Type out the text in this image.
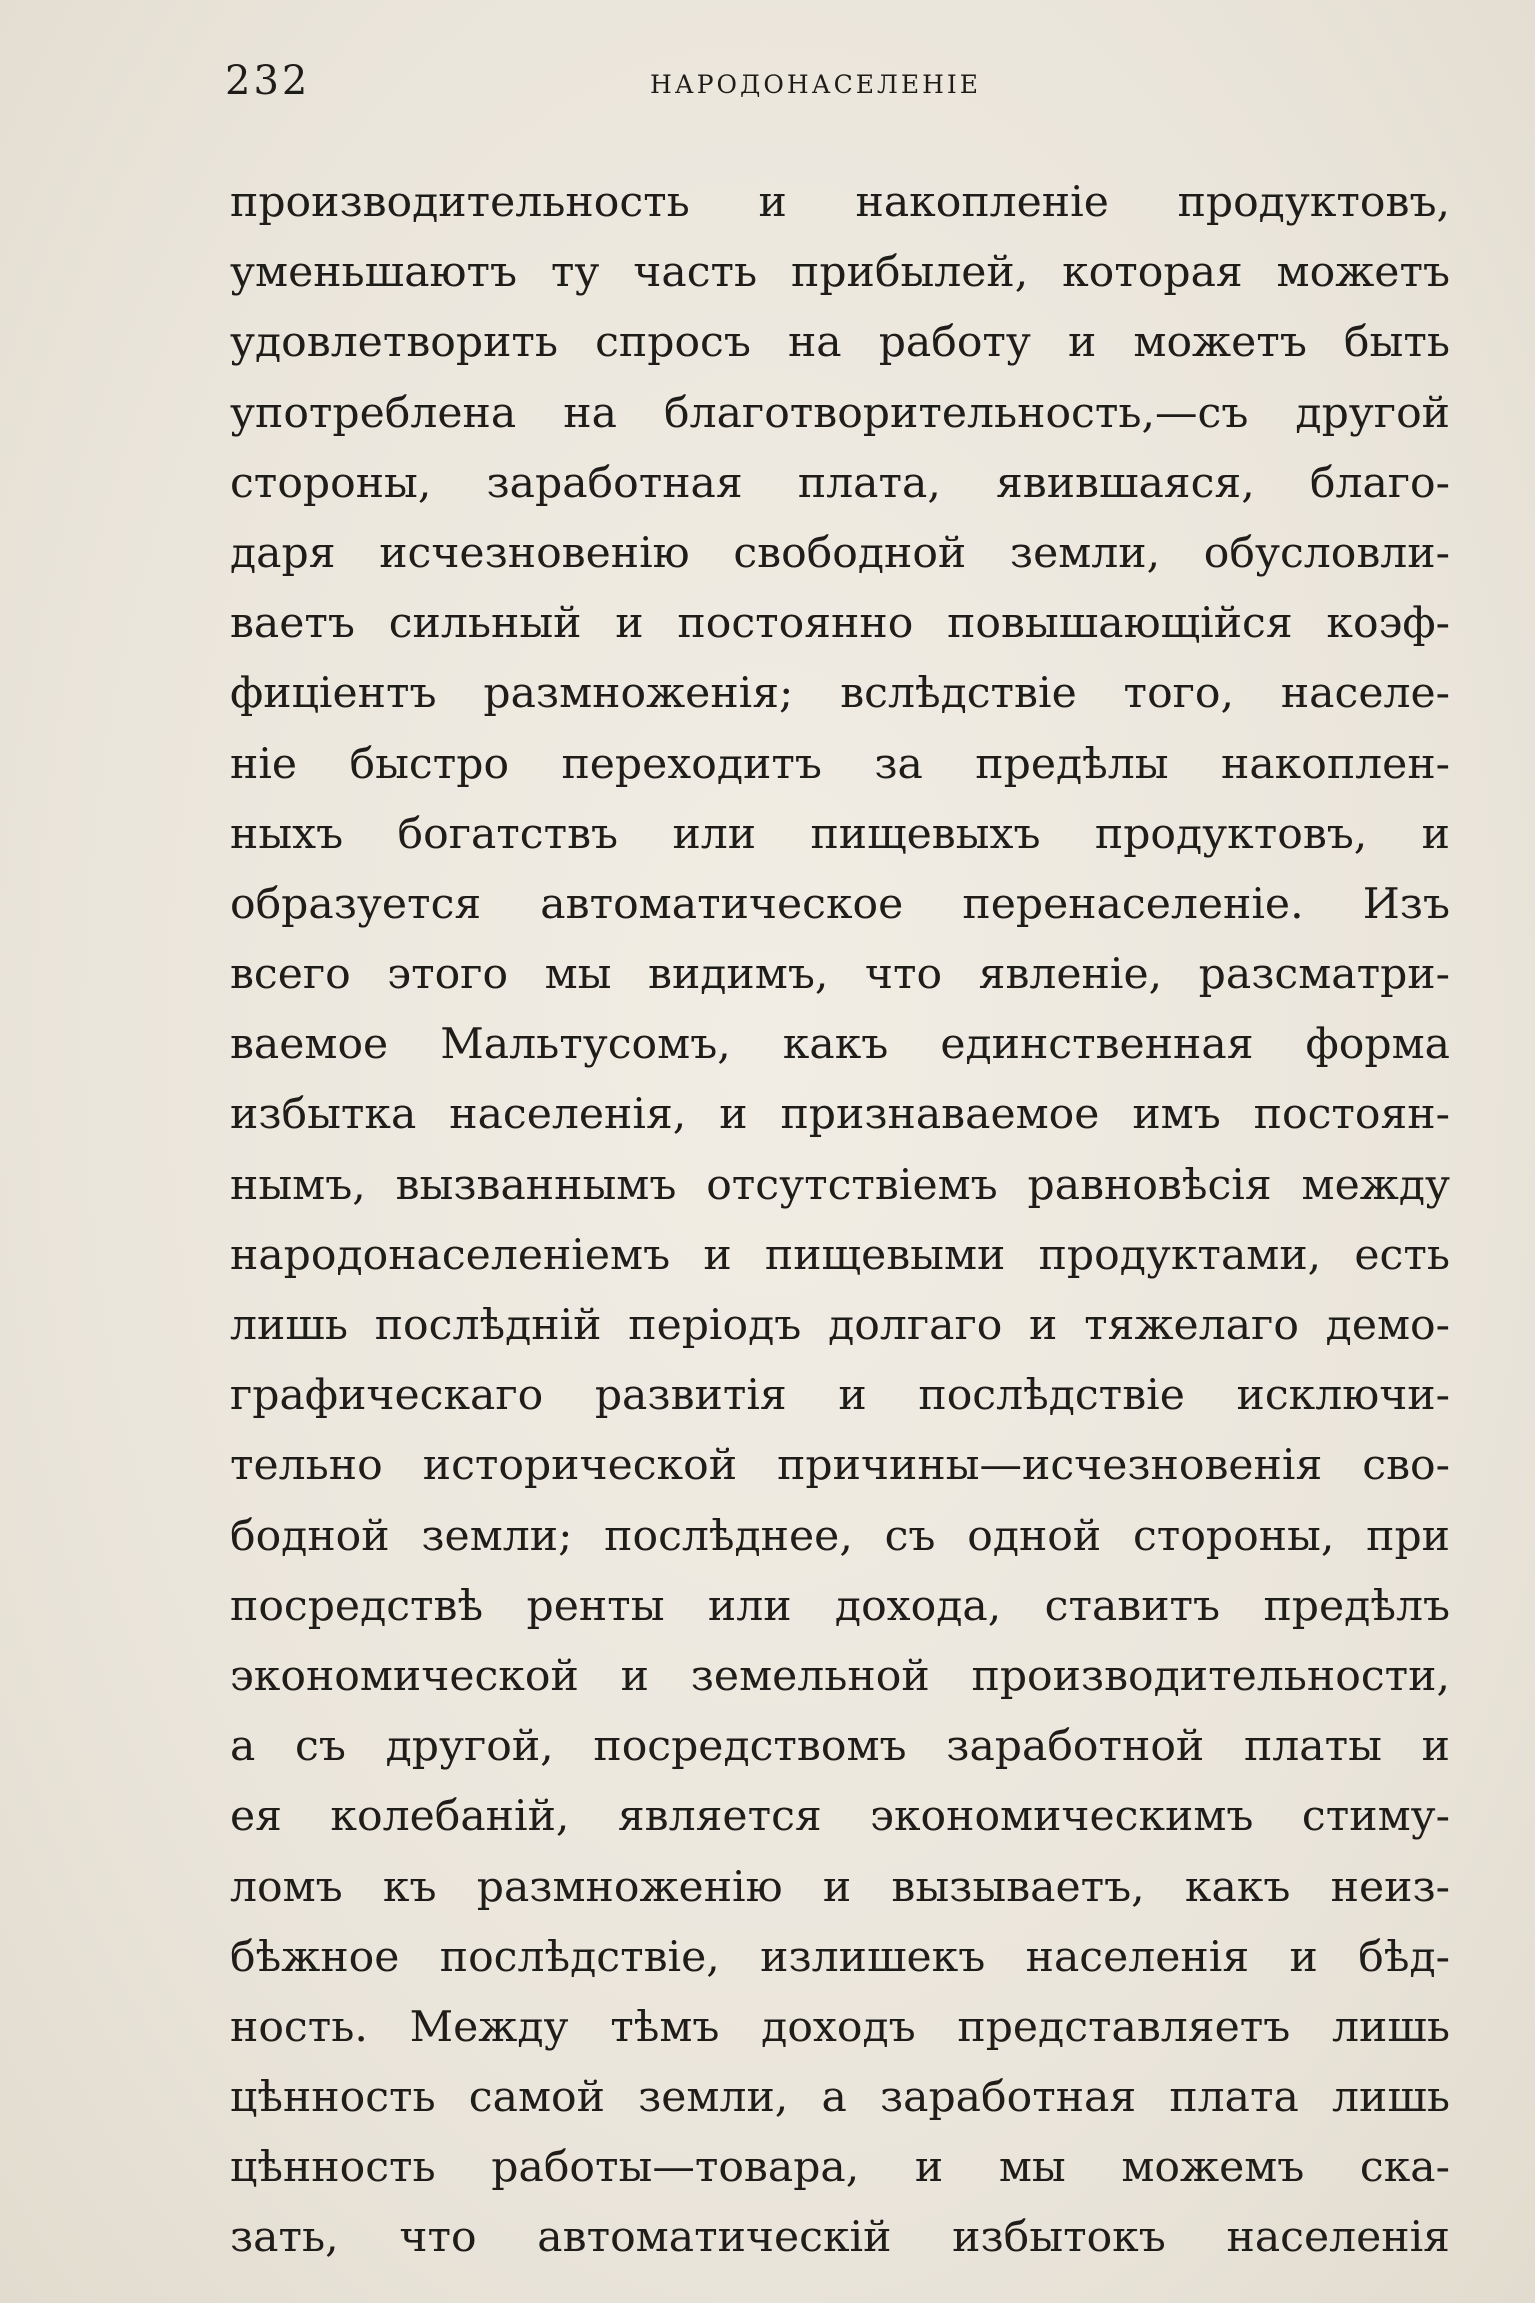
232	НАРОДОНАСЕЛЕНІЕ
производительность и накопленіе продуктовъ,
уменьшаютъ ту часть прибылей, которая можетъ
удовлетворить спросъ на работу и можетъ быть
употреблена на благотворительность,—съ другой
стороны, заработная плата, явившаяся, благо-
даря исчезновенію свободной земли, обусловли-
ваетъ сильный и постоянно повышающійся коэф-
фиціентъ размноженія; вслѣдствіе того, населе-
ніе быстро переходитъ за предѣлы накоплен-
ныхъ богатствъ или пищевыхъ продуктовъ, и
образуется автоматическое перенаселеніе. Изъ
всего этого мы видимъ, что явленіе, разсматри-
ваемое Мальтусомъ, какъ единственная форма
избытка населенія, и признаваемое имъ постоян-
нымъ, вызваннымъ отсутствіемъ равновѣсія между
народонаселеніемъ и пищевыми продуктами, есть
лишь послѣдній періодъ долгаго и тяжелаго демо-
графическаго развитія и послѣдствіе исключи-
тельно исторической причины—исчезновенія сво-
бодной земли; послѣднее, съ одной стороны, при
посредствѣ ренты или дохода, ставитъ предѣлъ
экономической и земельной производительности,
а съ другой, посредствомъ заработной платы и
ея колебаній, является экономическимъ стиму-
ломъ къ размноженію и вызываетъ, какъ неиз-
бѣжное послѣдствіе, излишекъ населенія и бѣд-
ность. Между тѣмъ доходъ представляетъ лишь
цѣнность самой земли, а заработная плата лишь
цѣнность работы—товара, и мы можемъ ска-
зать, что автоматическій избытокъ населенія
